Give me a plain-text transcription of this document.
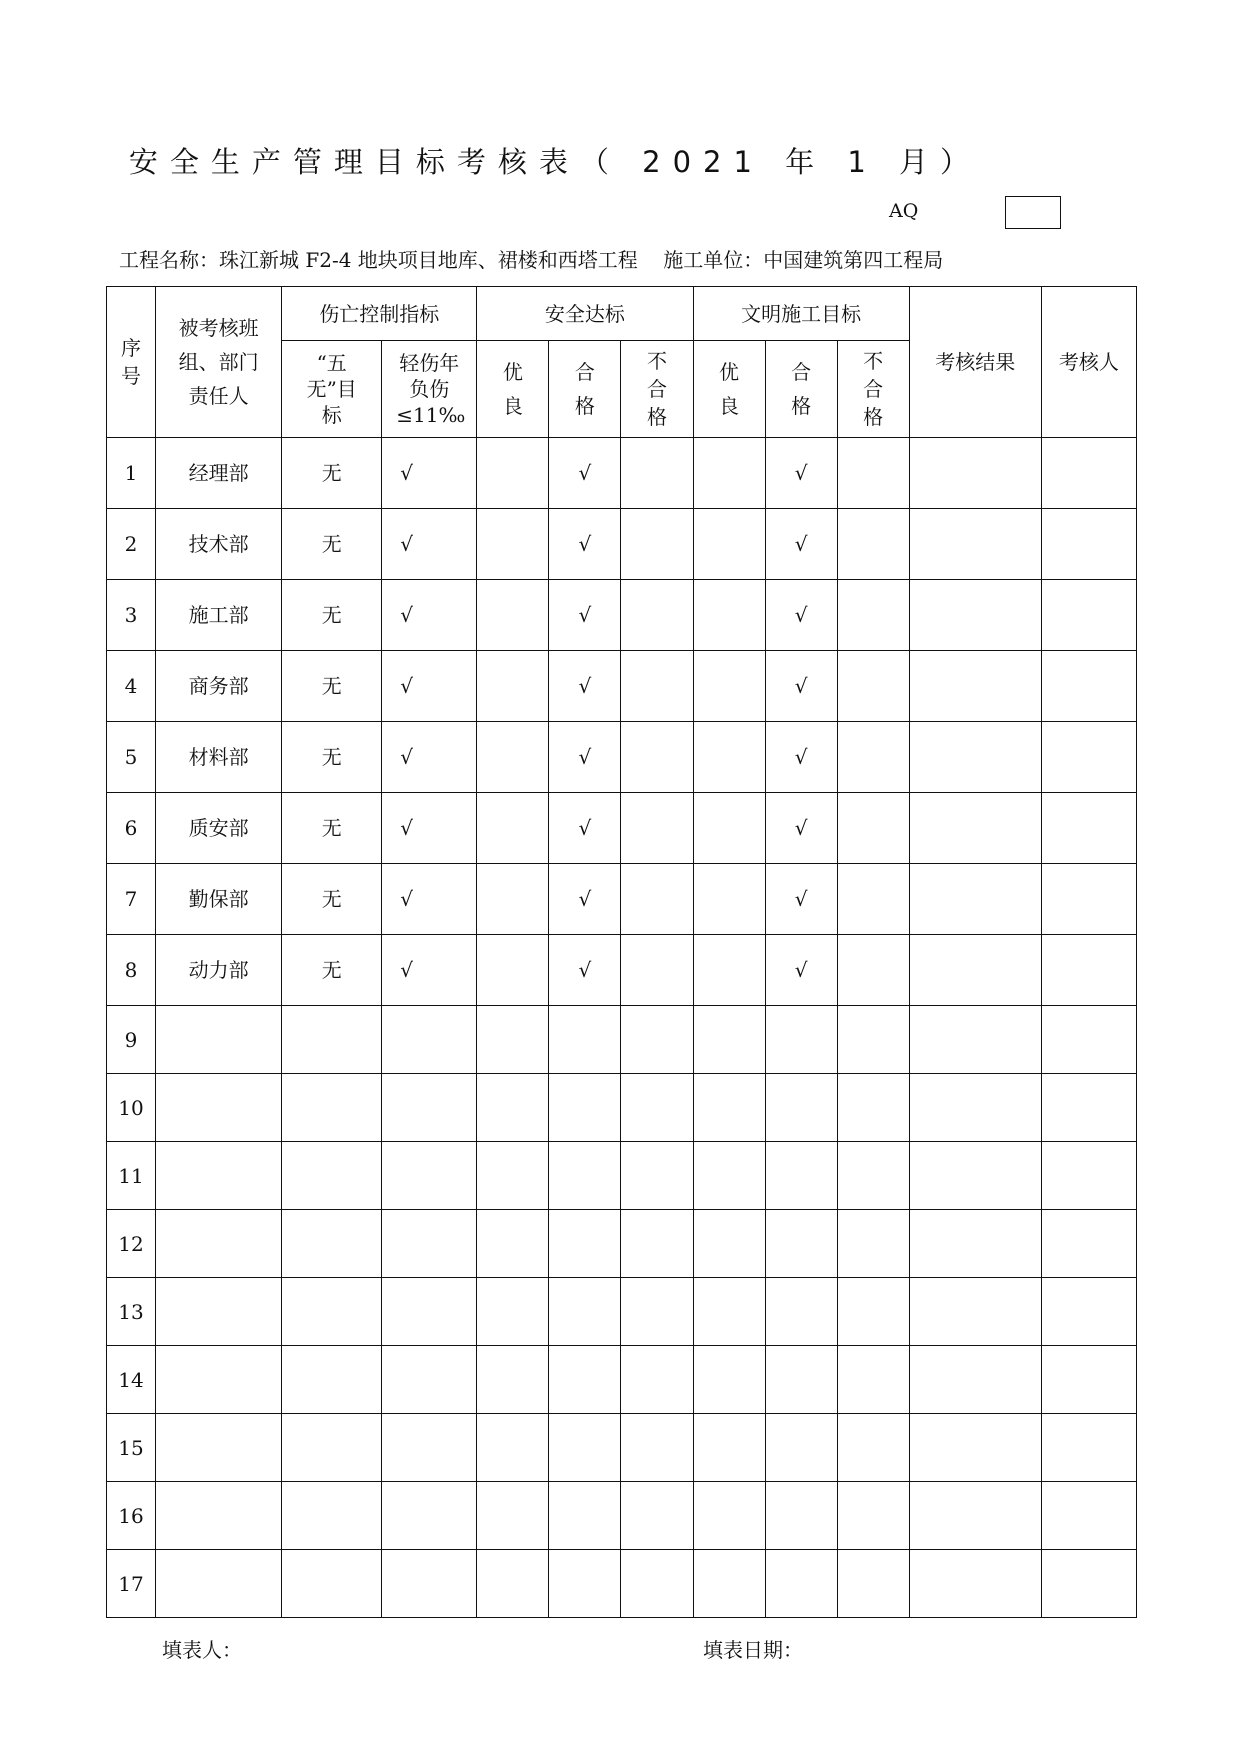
安全生产管理目标考核表（ 2021 年 1 月）
AQ
工程名称：珠江新城 F2-4 地块项目地库、裙楼和西塔工程    施工单位：中国建筑第四工程局
序号	被考核班组、部门责任人	伤亡控制指标		安全达标			文明施工目标			考核结果	考核人
		“五无”目标	轻伤年负伤≤11‰	优良	合格	不合格	优良	合格	不合格		
1	经理部	无	√		√			√			
2	技术部	无	√		√			√			
3	施工部	无	√		√			√			
4	商务部	无	√		√			√			
5	材料部	无	√		√			√			
6	质安部	无	√		√			√			
7	勤保部	无	√		√			√			
8	动力部	无	√		√			√			
9											
10											
11											
12											
13											
14											
15											
16											
17											
填表人：	填表日期：
